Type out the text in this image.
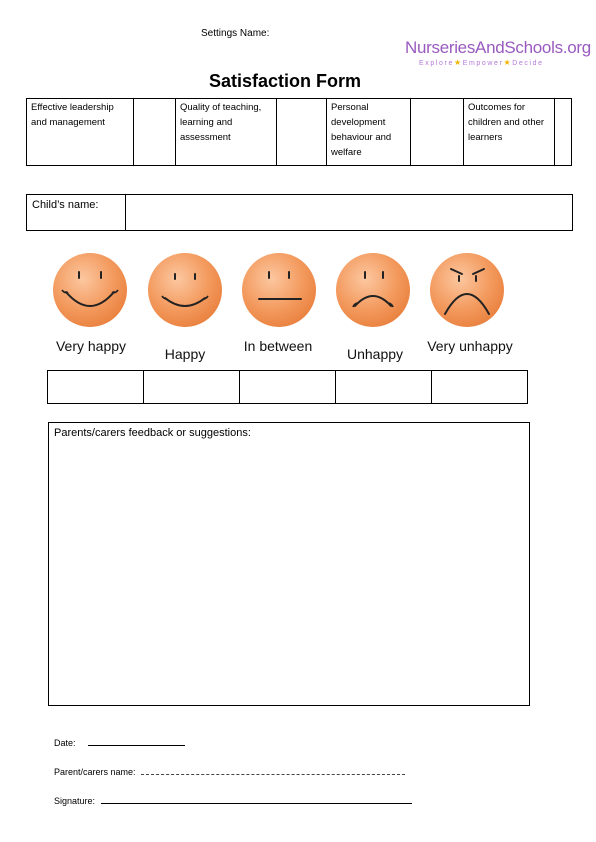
Settings Name:
NurseriesAndSchools.org
Explore★Empower★Decide
Satisfaction Form
Effective leadership and management		Quality of teaching, learning and assessment		Personal development behaviour and welfare		Outcomes for children and other learners	
Child’s name:
Very happy	Happy	In between	Unhappy	Very unhappy

Parents/carers feedback or suggestions:
Date:
Parent/carers name:
Signature:
